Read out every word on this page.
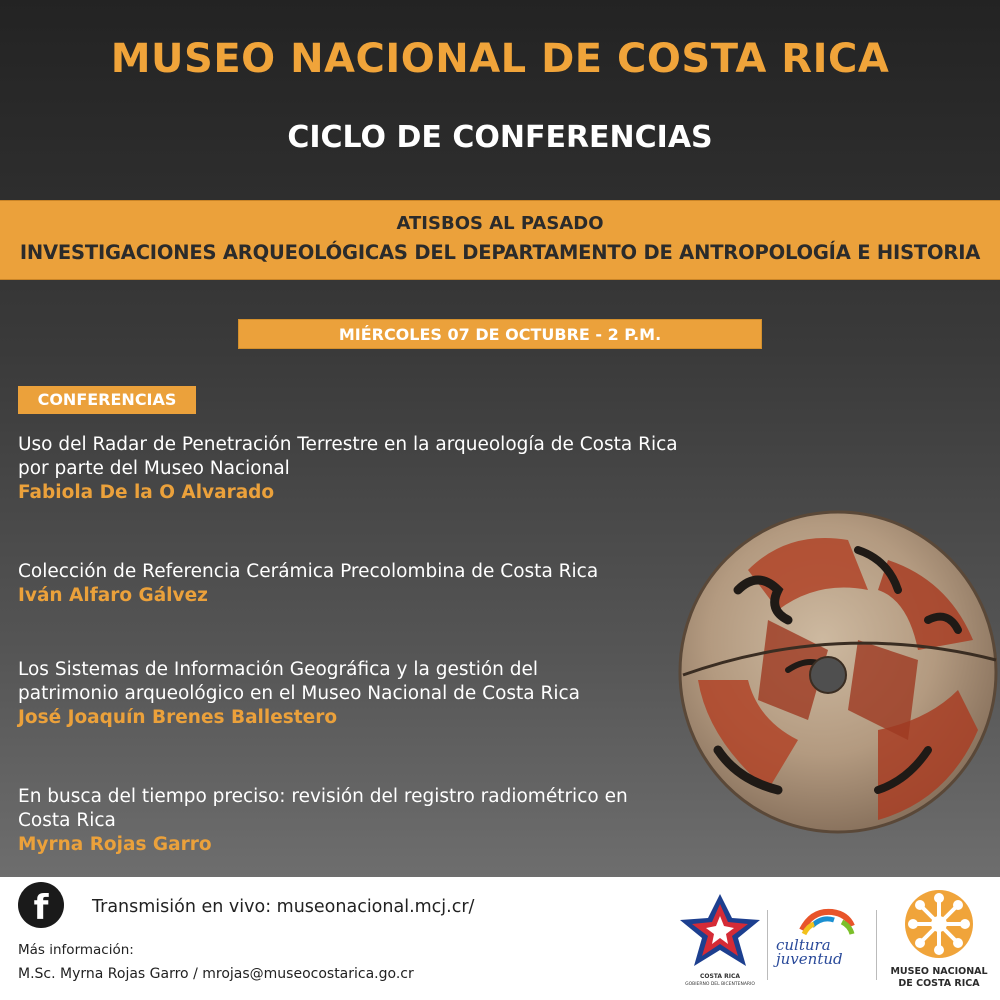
MUSEO NACIONAL DE COSTA RICA
CICLO DE CONFERENCIAS
ATISBOS AL PASADO
INVESTIGACIONES ARQUEOLÓGICAS DEL DEPARTAMENTO DE ANTROPOLOGÍA E HISTORIA
MIÉRCOLES 07 DE OCTUBRE - 2 P.M.
CONFERENCIAS
Uso del Radar de Penetración Terrestre en la arqueología de Costa Rica
por parte del Museo Nacional
Fabiola De la O Alvarado
Colección de Referencia Cerámica Precolombina de Costa Rica
Iván Alfaro Gálvez
Los Sistemas de Información Geográfica y la gestión del
patrimonio arqueológico en el Museo Nacional de Costa Rica
José Joaquín Brenes Ballestero
En busca del tiempo preciso: revisión del registro radiométrico en
Costa Rica
Myrna Rojas Garro
f	Transmisión en vivo: museonacional.mcj.cr/
Más información:
M.Sc. Myrna Rojas Garro / mrojas@museocostarica.go.cr	COSTA RICA
GOBIERNO DEL BICENTENARIO
cultura
juventud
MUSEO NACIONAL
DE COSTA RICA
